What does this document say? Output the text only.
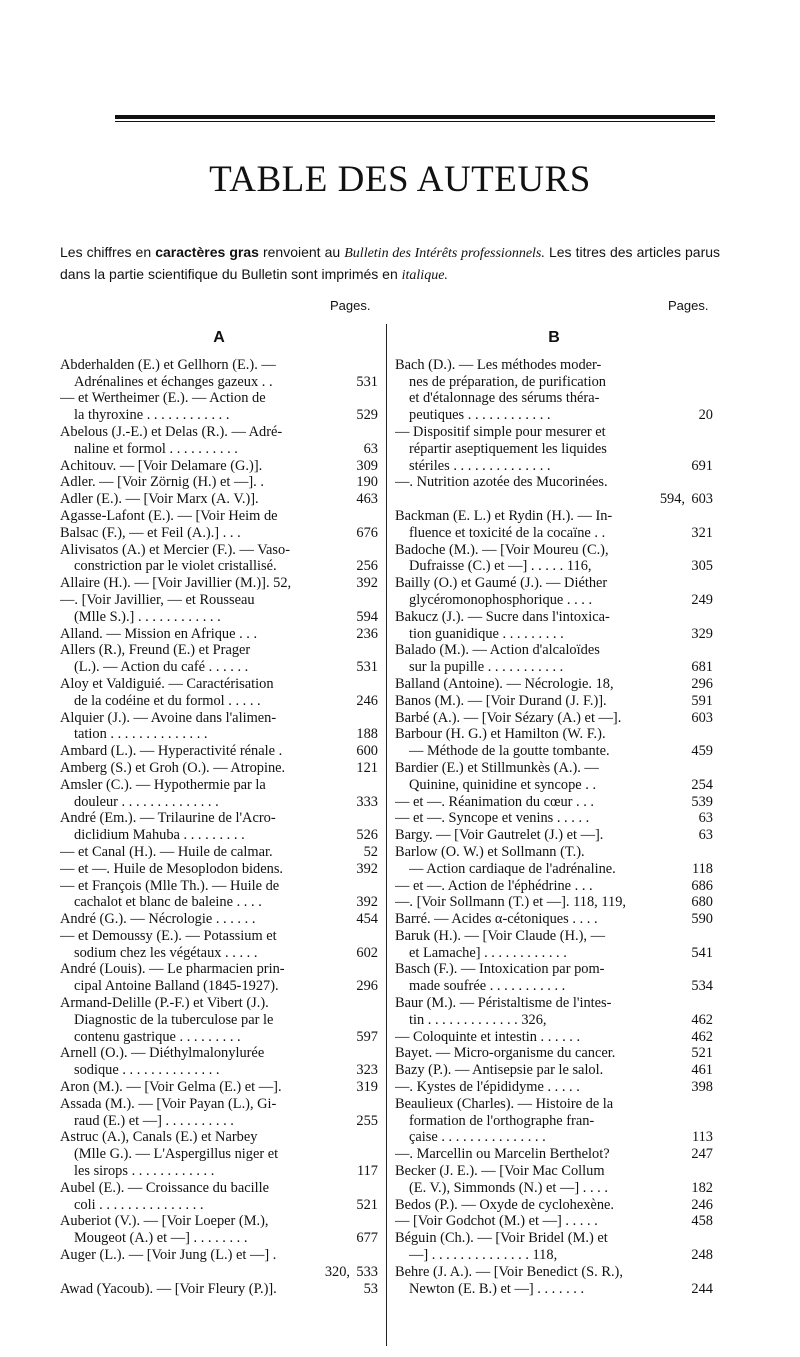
TABLE DES AUTEURS
Les chiffres en caractères gras renvoient au Bulletin des Intérêts professionnels. Les titres des articles parus dans la partie scientifique du Bulletin sont imprimés en italique.
Pages.	Pages.
A
Abderhalden (E.) et Gellhorn (E.). —
Adrénalines et échanges gazeux . .	531
— et Wertheimer (E.). — Action de
la thyroxine . . . . . . . . . . . .	529
Abelous (J.-E.) et Delas (R.). — Adré-
naline et formol . . . . . . . . . .	63
Achitouv. — [Voir Delamare (G.)].	309
Adler. — [Voir Zörnig (H.) et —]. .	190
Adler (E.). — [Voir Marx (A. V.)].	463
Agasse-Lafont (E.). — [Voir Heim de
Balsac (F.), — et Feil (A.).] . . .	676
Alivisatos (A.) et Mercier (F.). — Vaso-
constriction par le violet cristallisé.	256
Allaire (H.). — [Voir Javillier (M.)]. 52,	392
—. [Voir Javillier, — et Rousseau
(Mlle S.).] . . . . . . . . . . . .	594
Alland. — Mission en Afrique . . .	236
Allers (R.), Freund (E.) et Prager
(L.). — Action du café . . . . . .	531
Aloy et Valdiguié. — Caractérisation
de la codéine et du formol . . . . .	246
Alquier (J.). — Avoine dans l'alimen-
tation . . . . . . . . . . . . . .	188
Ambard (L.). — Hyperactivité rénale .	600
Amberg (S.) et Groh (O.). — Atropine.	121
Amsler (C.). — Hypothermie par la
douleur . . . . . . . . . . . . . .	333
André (Em.). — Trilaurine de l'Acro-
diclidium Mahuba . . . . . . . . .	526
— et Canal (H.). — Huile de calmar.	52
— et —. Huile de Mesoplodon bidens.	392
— et François (Mlle Th.). — Huile de
cachalot et blanc de baleine . . . .	392
André (G.). — Nécrologie . . . . . .	454
— et Demoussy (E.). — Potassium et
sodium chez les végétaux . . . . .	602
André (Louis). — Le pharmacien prin-
cipal Antoine Balland (1845-1927).	296
Armand-Delille (P.-F.) et Vibert (J.).
Diagnostic de la tuberculose par le
contenu gastrique . . . . . . . . .	597
Arnell (O.). — Diéthylmalonylurée
sodique . . . . . . . . . . . . . .	323
Aron (M.). — [Voir Gelma (E.) et —].	319
Assada (M.). — [Voir Payan (L.), Gi-
raud (E.) et —] . . . . . . . . . .	255
Astruc (A.), Canals (E.) et Narbey
(Mlle G.). — L'Aspergillus niger et
les sirops . . . . . . . . . . . .	117
Aubel (E.). — Croissance du bacille
coli . . . . . . . . . . . . . . .	521
Auberiot (V.). — [Voir Loeper (M.),
Mougeot (A.) et —] . . . . . . . .	677
Auger (L.). — [Voir Jung (L.) et —] .
320, 533
Awad (Yacoub). — [Voir Fleury (P.)].	53
B
Bach (D.). — Les méthodes moder-
nes de préparation, de purification
et d'étalonnage des sérums théra-
peutiques . . . . . . . . . . . .	20
— Dispositif simple pour mesurer et
répartir aseptiquement les liquides
stériles . . . . . . . . . . . . . .	691
—. Nutrition azotée des Mucorinées.
594, 603
Backman (E. L.) et Rydin (H.). — In-
fluence et toxicité de la cocaïne . .	321
Badoche (M.). — [Voir Moureu (C.),
Dufraisse (C.) et —] . . . . . 116,	305
Bailly (O.) et Gaumé (J.). — Diéther
glycéromonophosphorique . . . .	249
Bakucz (J.). — Sucre dans l'intoxica-
tion guanidique . . . . . . . . .	329
Balado (M.). — Action d'alcaloïdes
sur la pupille . . . . . . . . . . .	681
Balland (Antoine). — Nécrologie. 18,	296
Banos (M.). — [Voir Durand (J. F.)].	591
Barbé (A.). — [Voir Sézary (A.) et —].	603
Barbour (H. G.) et Hamilton (W. F.).
— Méthode de la goutte tombante.	459
Bardier (E.) et Stillmunkès (A.). —
Quinine, quinidine et syncope . .	254
— et —. Réanimation du cœur . . .	539
— et —. Syncope et venins . . . . .	63
Bargy. — [Voir Gautrelet (J.) et —].	63
Barlow (O. W.) et Sollmann (T.).
— Action cardiaque de l'adrénaline.	118
— et —. Action de l'éphédrine . . .	686
—. [Voir Sollmann (T.) et —]. 118, 119,	680
Barré. — Acides α-cétoniques . . . .	590
Baruk (H.). — [Voir Claude (H.), —
et Lamache] . . . . . . . . . . . .	541
Basch (F.). — Intoxication par pom-
made soufrée . . . . . . . . . . .	534
Baur (M.). — Péristaltisme de l'intes-
tin . . . . . . . . . . . . . 326,	462
— Coloquinte et intestin . . . . . .	462
Bayet. — Micro-organisme du cancer.	521
Bazy (P.). — Antisepsie par le salol.	461
—. Kystes de l'épididyme . . . . .	398
Beaulieux (Charles). — Histoire de la
formation de l'orthographe fran-
çaise . . . . . . . . . . . . . . .	113
—. Marcellin ou Marcelin Berthelot?	247
Becker (J. E.). — [Voir Mac Collum
(E. V.), Simmonds (N.) et —] . . . .	182
Bedos (P.). — Oxyde de cyclohexène.	246
— [Voir Godchot (M.) et —] . . . . .	458
Béguin (Ch.). — [Voir Bridel (M.) et
—] . . . . . . . . . . . . . . 118,	248
Behre (J. A.). — [Voir Benedict (S. R.),
Newton (E. B.) et —] . . . . . . .	244
